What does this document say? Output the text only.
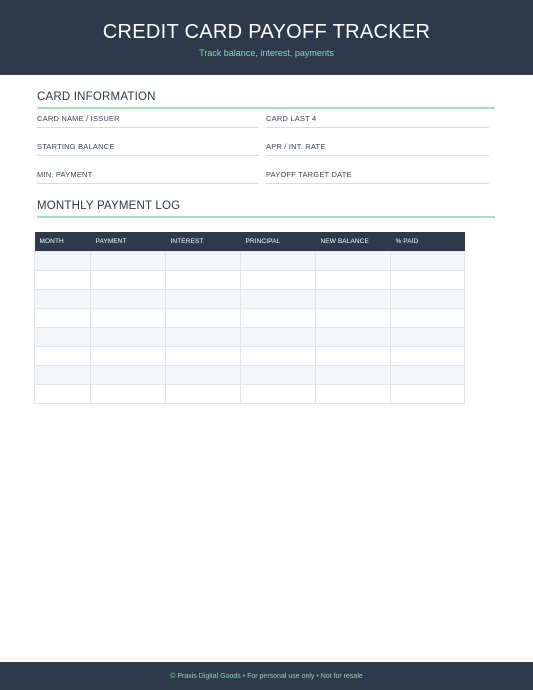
CREDIT CARD PAYOFF TRACKER
Track balance, interest, payments
CARD INFORMATION
CARD NAME / ISSUER	CARD LAST 4
STARTING BALANCE	APR / INT. RATE
MIN. PAYMENT	PAYOFF TARGET DATE
MONTHLY PAYMENT LOG
MONTH	PAYMENT	INTEREST	PRINCIPAL	NEW BALANCE	% PAID

© Praxis Digital Goods • For personal use only • Not for resale
